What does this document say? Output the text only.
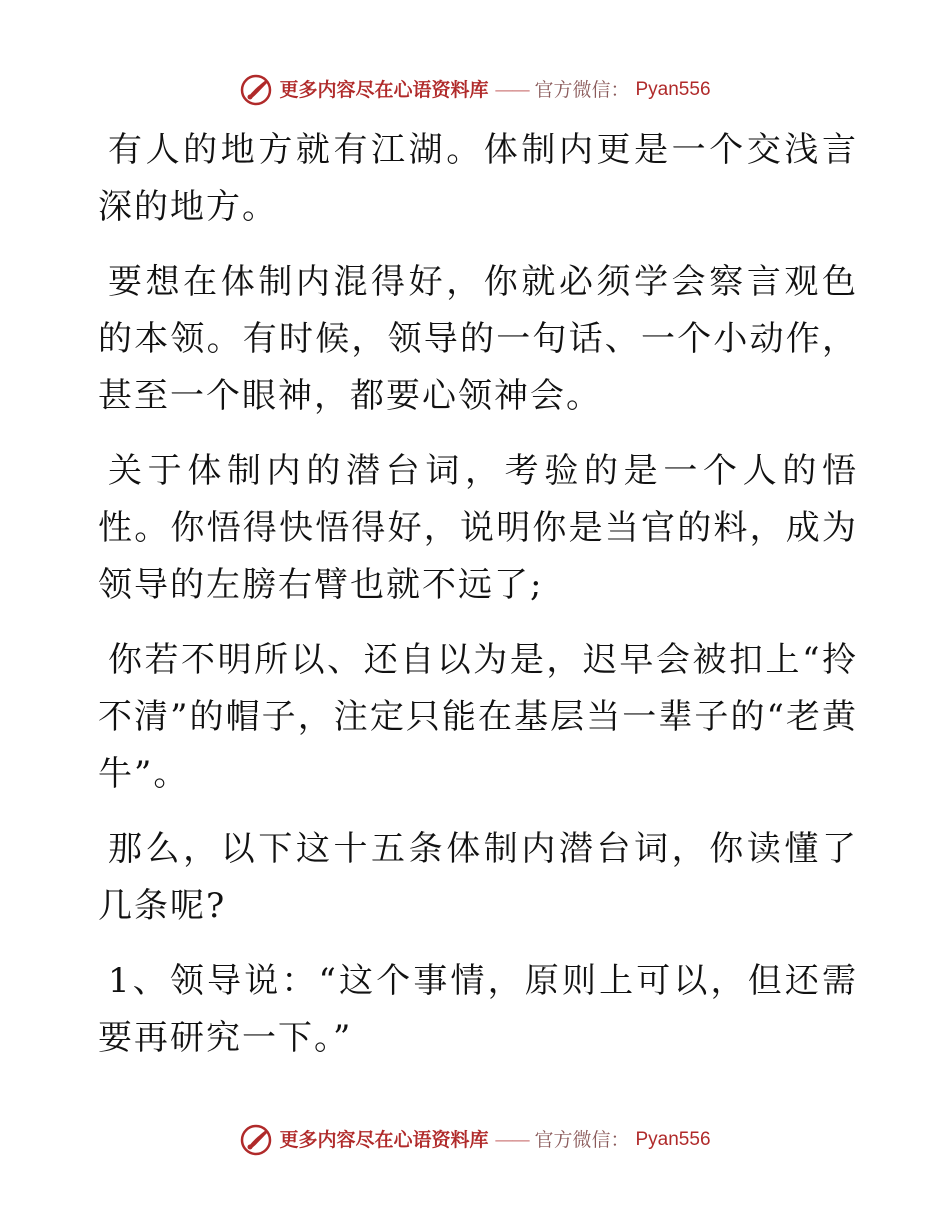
更多内容尽在心语资料库 —— 官方微信： Pyan556

有人的地方就有江湖。体制内更是一个交浅言深的地方。

要想在体制内混得好，你就必须学会察言观色的本领。有时候，领导的一句话、一个小动作，甚至一个眼神，都要心领神会。

关于体制内的潜台词，考验的是一个人的悟性。你悟得快悟得好，说明你是当官的料，成为领导的左膀右臂也就不远了;

你若不明所以、还自以为是，迟早会被扣上“拎不清”的帽子，注定只能在基层当一辈子的“老黄牛”。

那么，以下这十五条体制内潜台词，你读懂了几条呢?

1、领导说：“这个事情，原则上可以，但还需要再研究一下。”

更多内容尽在心语资料库 —— 官方微信： Pyan556
